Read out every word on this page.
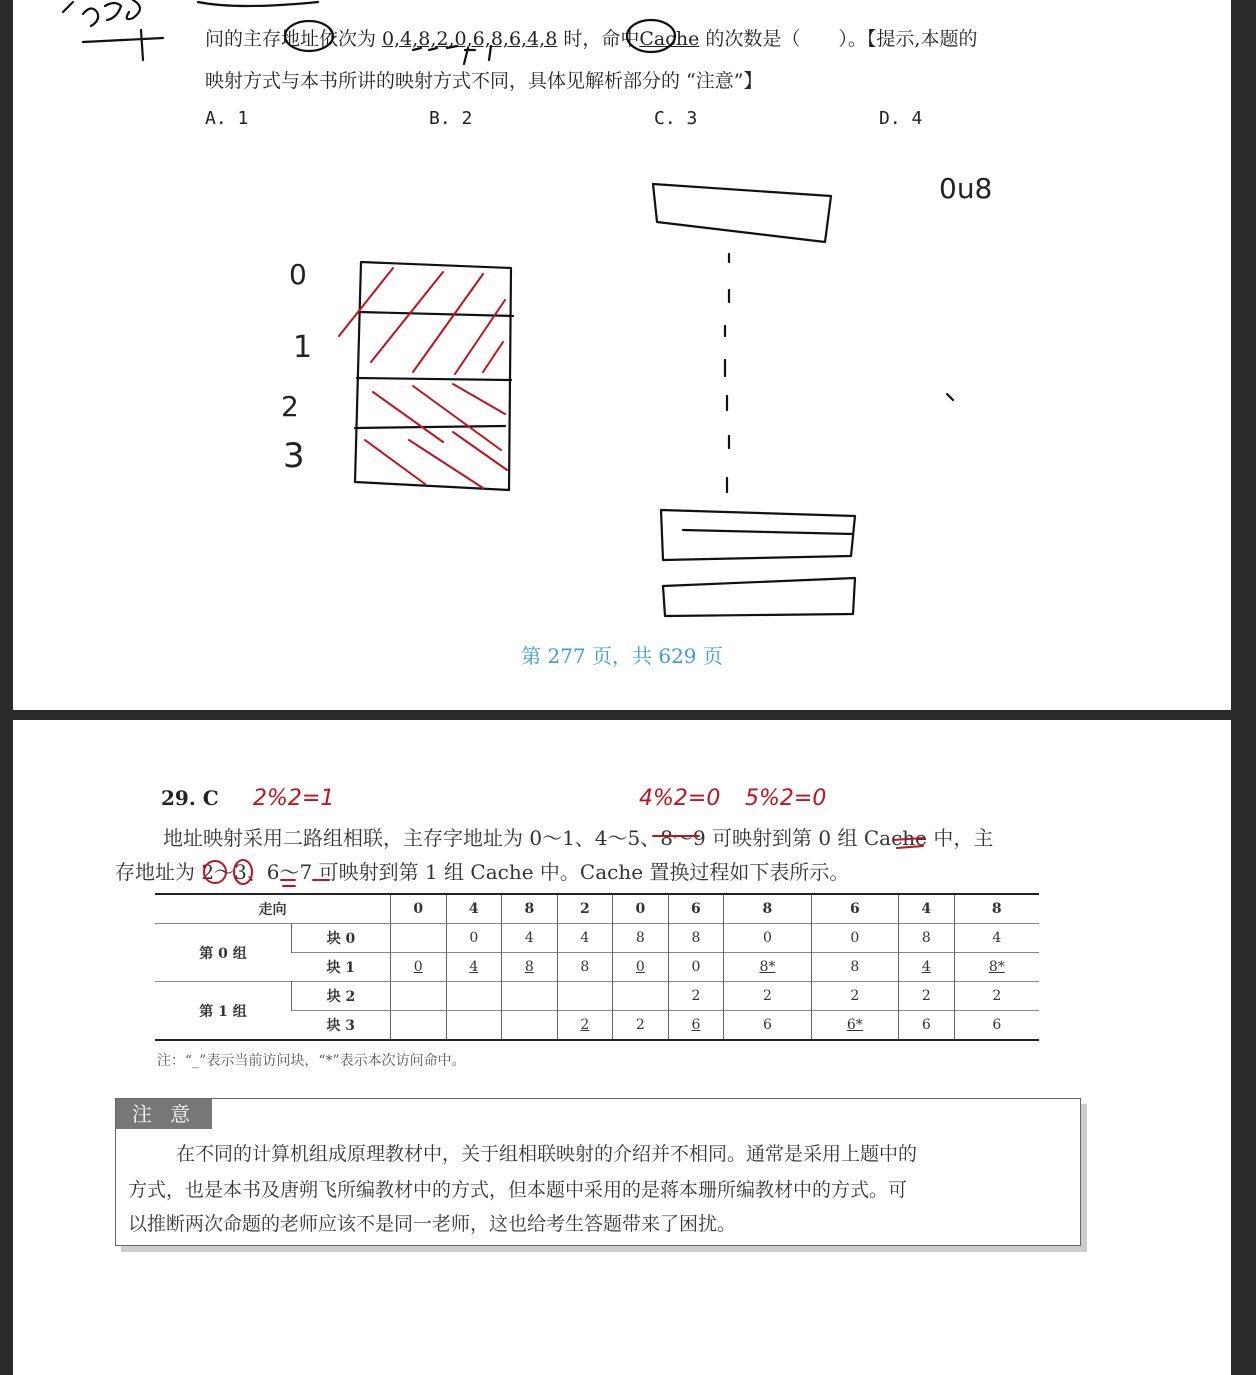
问的主存地址依次为 0,4,8,2,0,6,8,6,4,8 时，命中Cache 的次数是（　　）。【提示,本题的
映射方式与本书所讲的映射方式不同，具体见解析部分的 “注意”】
A. 1	B. 2	C. 3	D. 4
0
1
2
3
0u8
第 277 页，共 629 页
29. C 2%2=1	4%2=0 5%2=0
地址映射采用二路组相联，主存字地址为 0～1、4～5、8～9 可映射到第 0 组 Cache 中，主
存地址为 2～3、6～7 可映射到第 1 组 Cache 中。Cache 置换过程如下表所示。
走向		0	4	8	2	0	6	8	6	4	8
第 0 组	块 0		0	4	4	8	8	0	0	8	4
	块 1	0	4	8	8	0	0	8*	8	4	8*
第 1 组	块 2						2	2	2	2	2
	块 3				2	2	6	6	6*	6	6
注：“_”表示当前访问块，“*”表示本次访问命中。
注 意
在不同的计算机组成原理教材中，关于组相联映射的介绍并不相同。通常是采用上题中的
方式，也是本书及唐朔飞所编教材中的方式，但本题中采用的是蒋本珊所编教材中的方式。可
以推断两次命题的老师应该不是同一老师，这也给考生答题带来了困扰。
